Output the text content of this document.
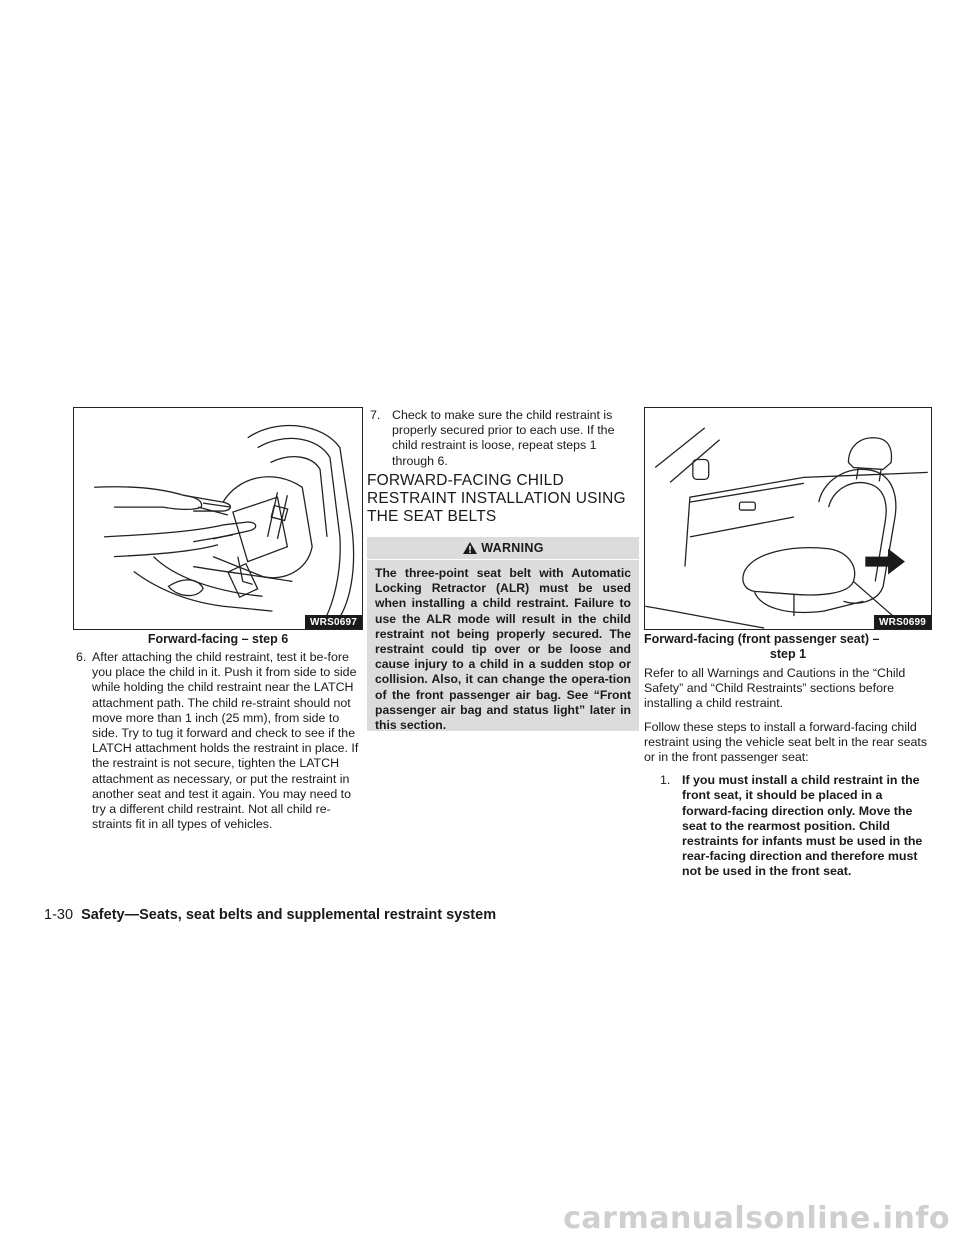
WRS0697
Forward-facing – step 6

6. After attaching the child restraint, test it be-fore you place the child in it. Push it from side to side while holding the child restraint near the LATCH attachment path. The child re-straint should not move more than 1 inch (25 mm), from side to side. Try to tug it forward and check to see if the LATCH attachment holds the restraint in place. If the restraint is not secure, tighten the LATCH attachment as necessary, or put the restraint in another seat and test it again. You may need to try a different child restraint. Not all child re-straints fit in all types of vehicles.

7. Check to make sure the child restraint is properly secured prior to each use. If the child restraint is loose, repeat steps 1 through 6.

FORWARD-FACING CHILD
RESTRAINT INSTALLATION USING
THE SEAT BELTS
WARNING
The three-point seat belt with Automatic Locking Retractor (ALR) must be used when installing a child restraint. Failure to use the ALR mode will result in the child restraint not being properly secured. The restraint could tip over or be loose and cause injury to a child in a sudden stop or collision. Also, it can change the opera-tion of the front passenger air bag. See “Front passenger air bag and status light” later in this section.
WRS0699
Forward-facing (front passenger seat) –
step 1

Refer to all Warnings and Cautions in the “Child Safety” and “Child Restraints” sections before installing a child restraint.

Follow these steps to install a forward-facing child restraint using the vehicle seat belt in the rear seats or in the front passenger seat:

1. If you must install a child restraint in the front seat, it should be placed in a forward-facing direction only. Move the seat to the rearmost position. Child restraints for infants must be used in the rear-facing direction and therefore must not be used in the front seat.

1-30 Safety—Seats, seat belts and supplemental restraint system
carmanualsonline.info
